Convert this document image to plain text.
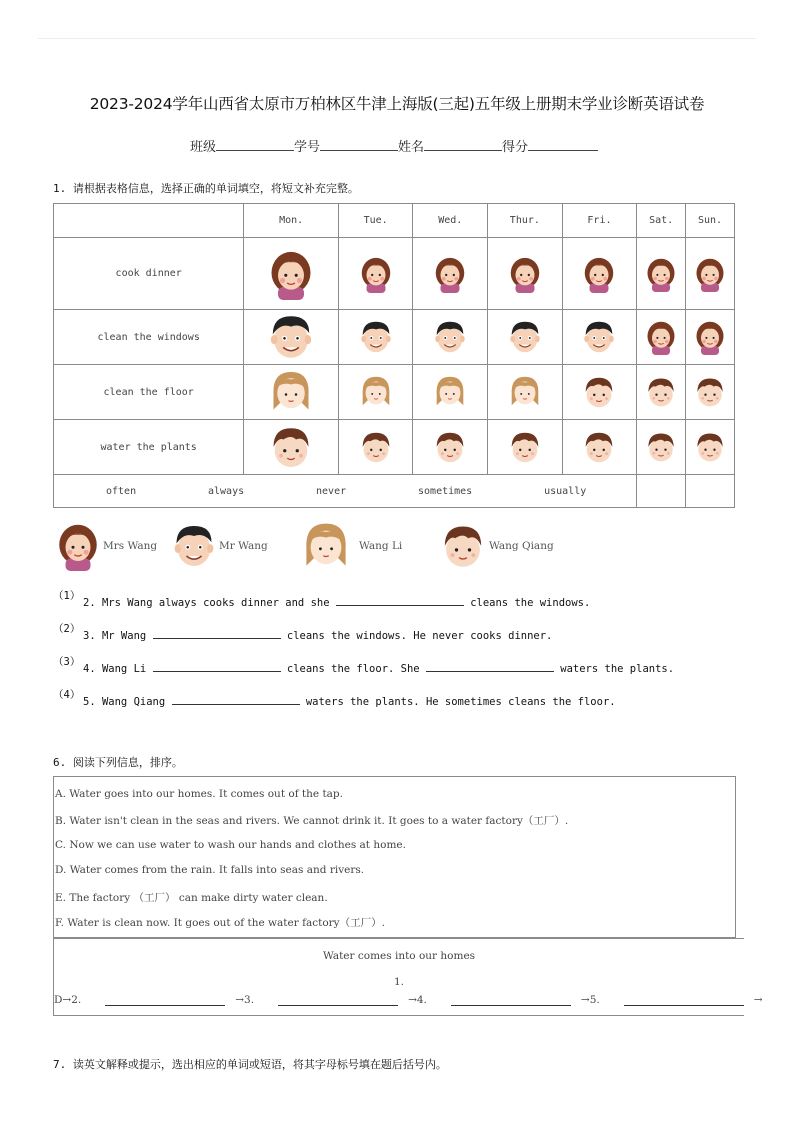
2023-2024学年山西省太原市万柏林区牛津上海版(三起)五年级上册期末学业诊断英语试卷
班级	学号	姓名	得分
1. 请根据表格信息，选择正确的单词填空，将短文补充完整。
	Mon.	Tue.	Wed.	Thur.	Fri.	Sat.	Sun.
cook dinner	

clean the windows	

clean the floor	

water the plants	

often always never sometimes usually							

Mrs Wang	Mr Wang	Wang Li	Wang Qiang
（1）
2. Mrs Wang always cooks dinner and she	cleans the windows.
（2）
3. Mr Wang	cleans the windows. He never cooks dinner.
（3）
4. Wang Li	cleans the floor. She	waters the plants.
（4）
5. Wang Qiang	waters the plants. He sometimes cleans the floor.
6. 阅读下列信息，排序。
A. Water goes into our homes. It comes out of the tap.
B. Water isn't clean in the seas and rivers. We cannot drink it. It goes to a water factory（工厂）.
C. Now we can use water to wash our hands and clothes at home.
D. Water comes from the rain. It falls into seas and rivers.
E. The factory （工厂） can make dirty water clean.
F. Water is clean now. It goes out of the water factory（工厂）.
Water comes into our homes
1.
D→2.	→3.	→4.	→5.	→
7. 读英文解释或提示，选出相应的单词或短语，将其字母标号填在题后括号内。
